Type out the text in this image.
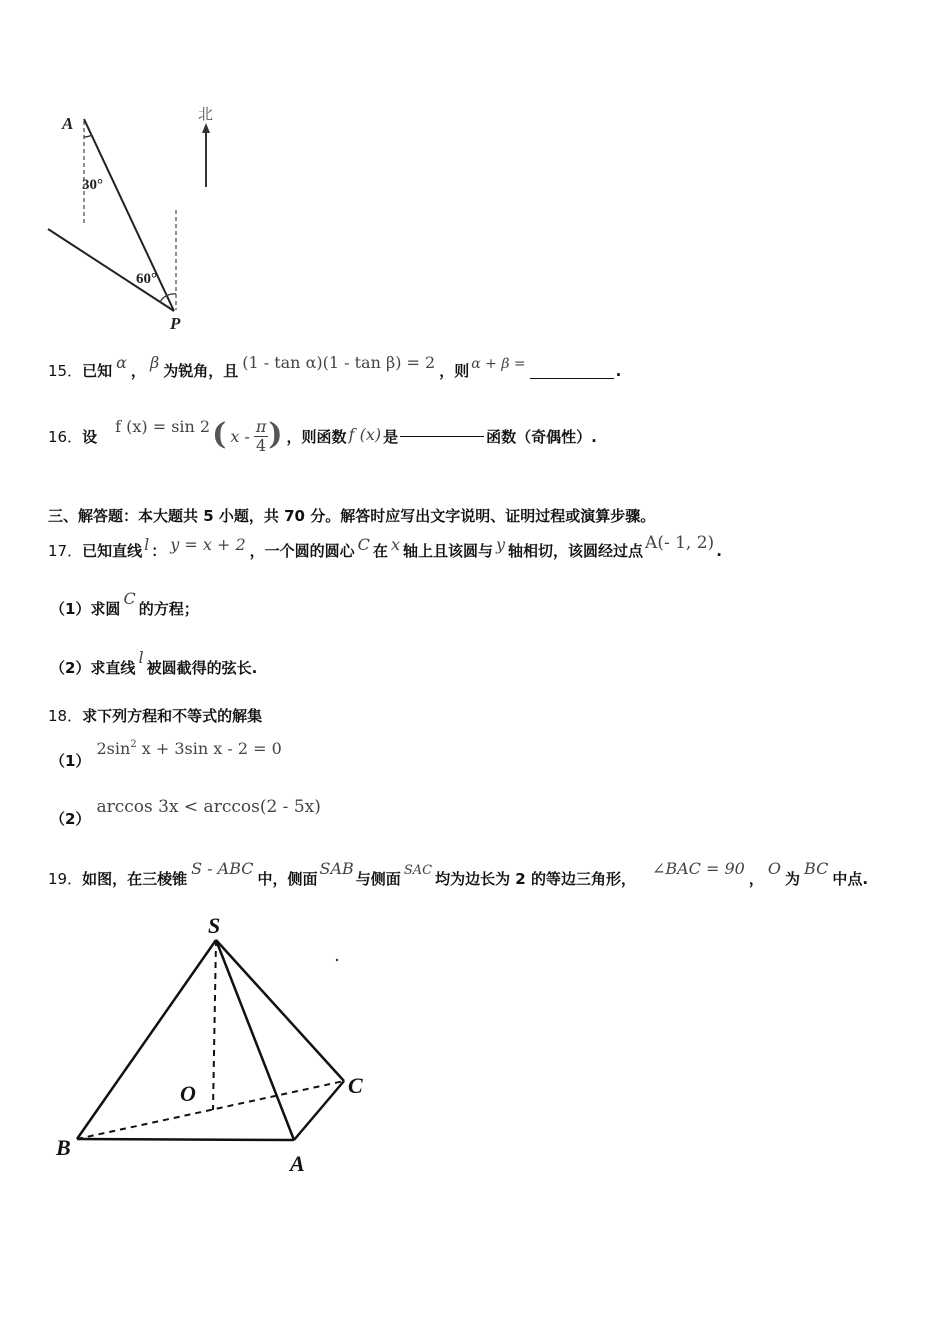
北
A
P
30°
60°
15．已知 α ， β 为锐角，且 (1 - tan α)(1 - tan β) = 2 ，则 α + β =	.
16． 设
f (x) = sin 2 ( x - $\frac{\pi}{4}$ ) ，则函数 f (x) 是	函数（奇偶性）.
三、解答题：本大题共 5 小题，共 70 分。解答时应写出文字说明、证明过程或演算步骤。
17．已知直线 l ： y = x + 2 ，一个圆的圆心 C 在 x 轴上且该圆与 y 轴相切，该圆经过点 A(- 1, 2) .
（1）求圆C的方程；
（2）求直线l被圆截得的弦长.
18．求下列方程和不等式的解集
$(1)2\sin^2$ x + 3sin x - 2 = 0
（2）arccos 3x < arccos(2 - 5x)
19．如图，在三棱锥S - ABC中，侧面SAB与侧面 SAC 均为边长为 2 的等边三角形，∠BAC = 90，O为BC中点.
S
O	C
B
A
